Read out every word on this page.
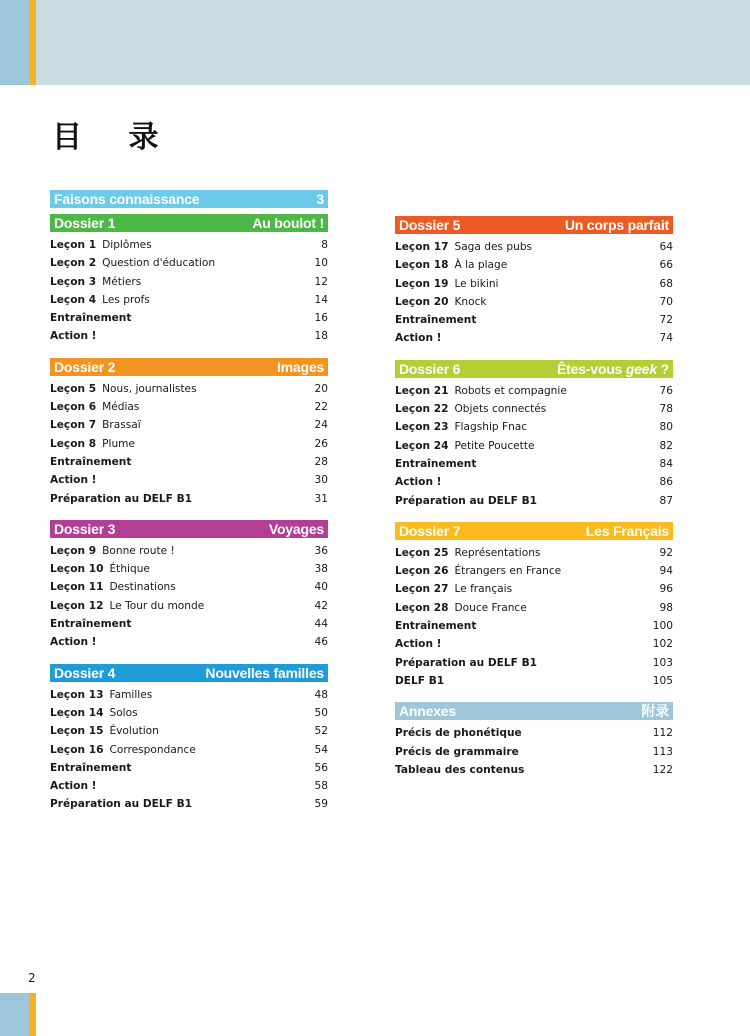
目 录
Faisons connaissance	3
Dossier 1	Au boulot !
Leçon 1 Diplômes	8
Leçon 2 Question d'éducation	10
Leçon 3 Métiers	12
Leçon 4 Les profs	14
Entraînement	16
Action !	18
Dossier 2	Images
Leçon 5 Nous, journalistes	20
Leçon 6 Médias	22
Leçon 7 Brassaï	24
Leçon 8 Plume	26
Entraînement	28
Action !	30
Préparation au DELF B1	31
Dossier 3	Voyages
Leçon 9 Bonne route !	36
Leçon 10 Éthique	38
Leçon 11 Destinations	40
Leçon 12 Le Tour du monde	42
Entraînement	44
Action !	46
Dossier 4	Nouvelles familles
Leçon 13 Familles	48
Leçon 14 Solos	50
Leçon 15 Évolution	52
Leçon 16 Correspondance	54
Entraînement	56
Action !	58
Préparation au DELF B1	59
Dossier 5	Un corps parfait
Leçon 17 Saga des pubs	64
Leçon 18 À la plage	66
Leçon 19 Le bikini	68
Leçon 20 Knock	70
Entraînement	72
Action !	74
Dossier 6	Êtes-vous geek ?
Leçon 21 Robots et compagnie	76
Leçon 22 Objets connectés	78
Leçon 23 Flagship Fnac	80
Leçon 24 Petite Poucette	82
Entraînement	84
Action !	86
Préparation au DELF B1	87
Dossier 7	Les Français
Leçon 25 Représentations	92
Leçon 26 Étrangers en France	94
Leçon 27 Le français	96
Leçon 28 Douce France	98
Entraînement	100
Action !	102
Préparation au DELF B1	103
DELF B1	105
Annexes	附录
Précis de phonétique	112
Précis de grammaire	113
Tableau des contenus	122
2
